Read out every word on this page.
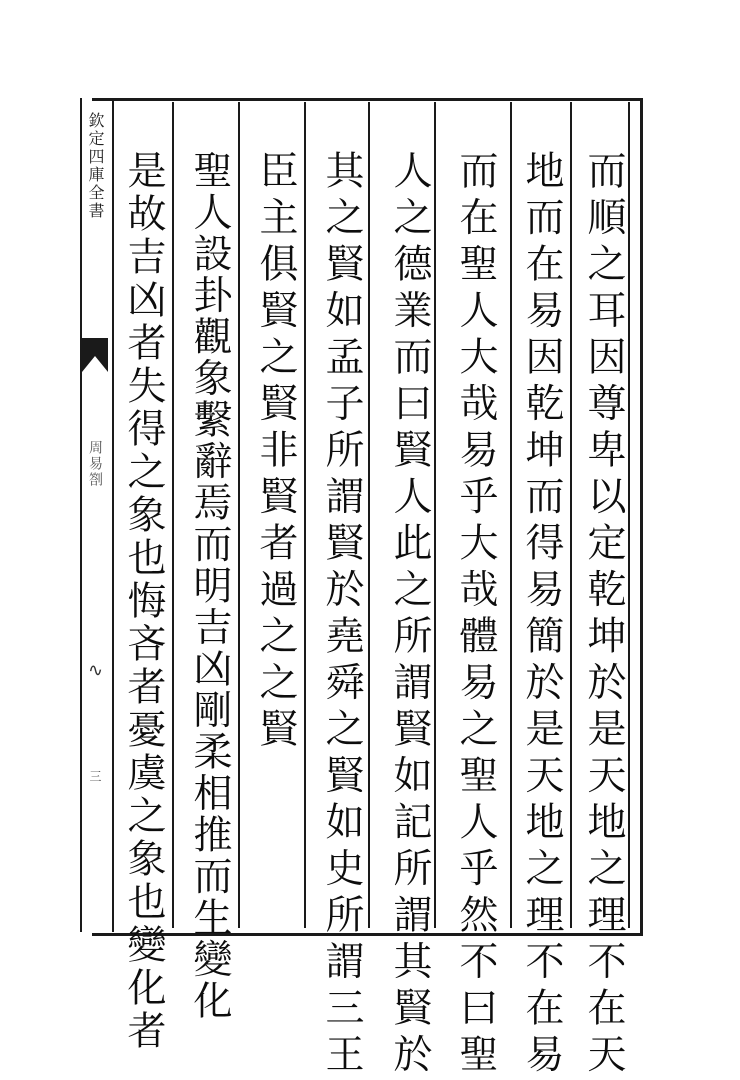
欽定四庫全書
周易劄
∿
三	而順之耳因尊卑以定乾坤於是天地之理不在天
地而在易因乾坤而得易簡於是天地之理不在易
而在聖人大哉易乎大哉體易之聖人乎然不曰聖
人之德業而曰賢人此之所謂賢如記所謂其賢於
其之賢如孟子所謂賢於堯舜之賢如史所謂三王
臣主俱賢之賢非賢者過之之賢
聖人設卦觀象繫辭焉而明吉凶剛柔相推而生變化
是故吉凶者失得之象也悔吝者憂虞之象也變化者
